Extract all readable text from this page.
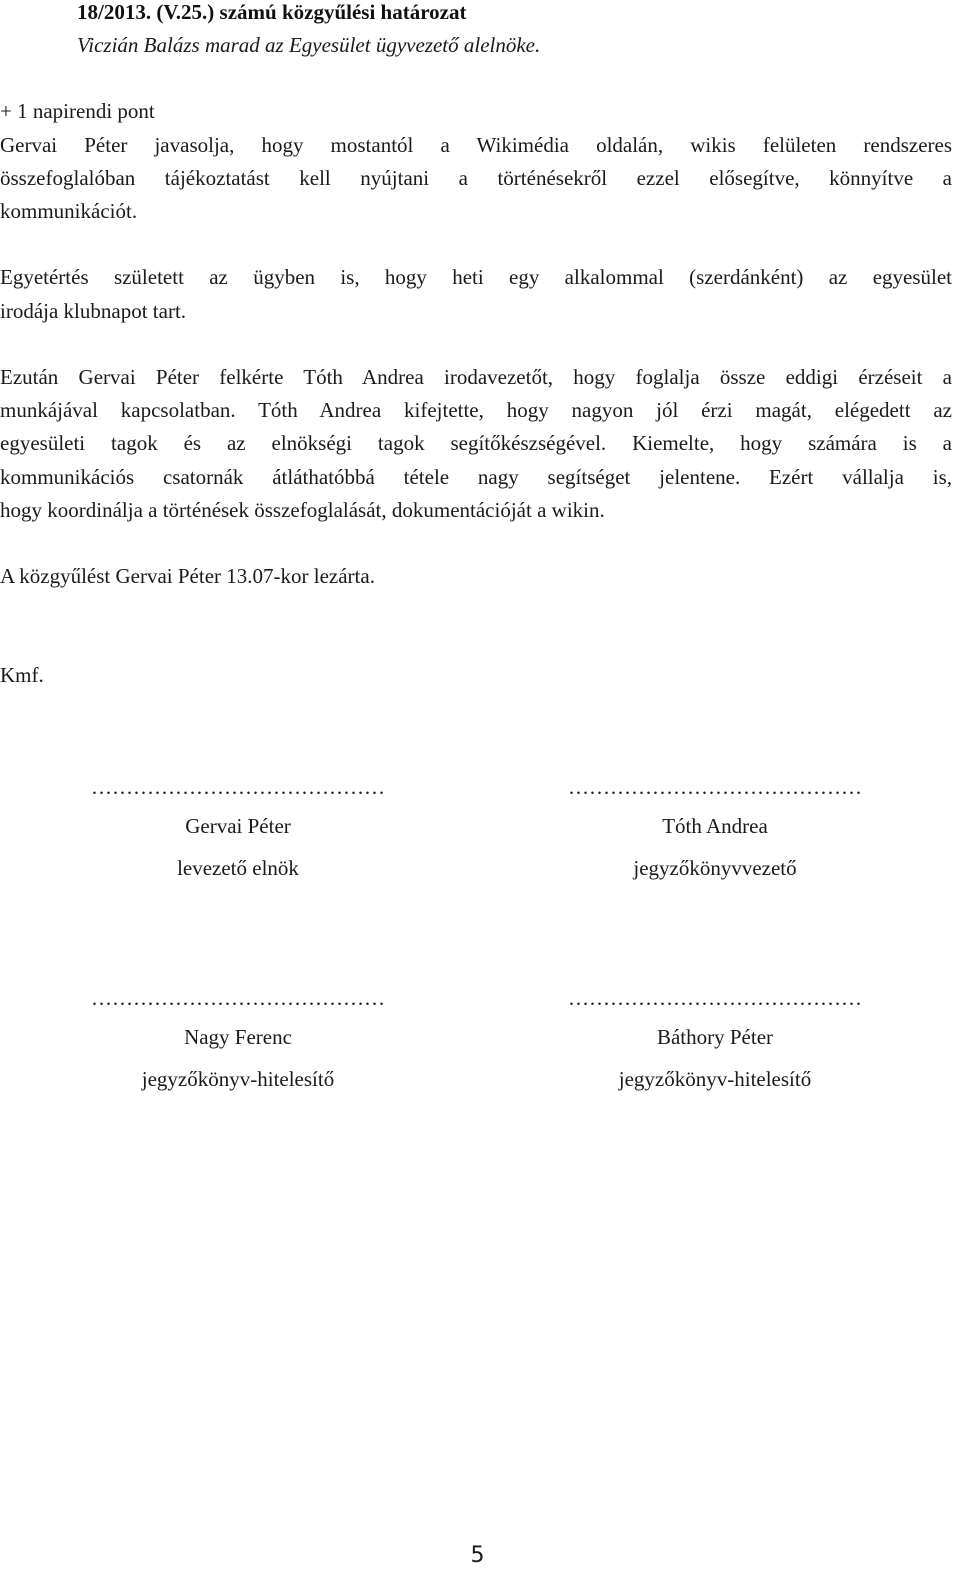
18/2013. (V.25.) számú közgyűlési határozat

Viczián Balázs marad az Egyesület ügyvezető alelnöke.

+ 1 napirendi pont

Gervai Péter javasolja, hogy mostantól a Wikimédia oldalán, wikis felületen rendszeres

összefoglalóban tájékoztatást kell nyújtani a történésekről ezzel elősegítve, könnyítve a

kommunikációt.

Egyetértés született az ügyben is, hogy heti egy alkalommal (szerdánként) az egyesület

irodája klubnapot tart.

Ezután Gervai Péter felkérte Tóth Andrea irodavezetőt, hogy foglalja össze eddigi érzéseit a

munkájával kapcsolatban. Tóth Andrea kifejtette, hogy nagyon jól érzi magát, elégedett az

egyesületi tagok és az elnökségi tagok segítőkészségével. Kiemelte, hogy számára is a

kommunikációs csatornák átláthatóbbá tétele nagy segítséget jelentene. Ezért vállalja is,

hogy koordinálja a történések összefoglalását, dokumentációját a wikin.

A közgyűlést Gervai Péter 13.07-kor lezárta.

Kmf.

……………………………………
Gervai Péter
levezető elnök
……………………………………
Tóth Andrea
jegyzőkönyvvezető
……………………………………
Nagy Ferenc
jegyzőkönyv-hitelesítő
……………………………………
Báthory Péter
jegyzőkönyv-hitelesítő
5
